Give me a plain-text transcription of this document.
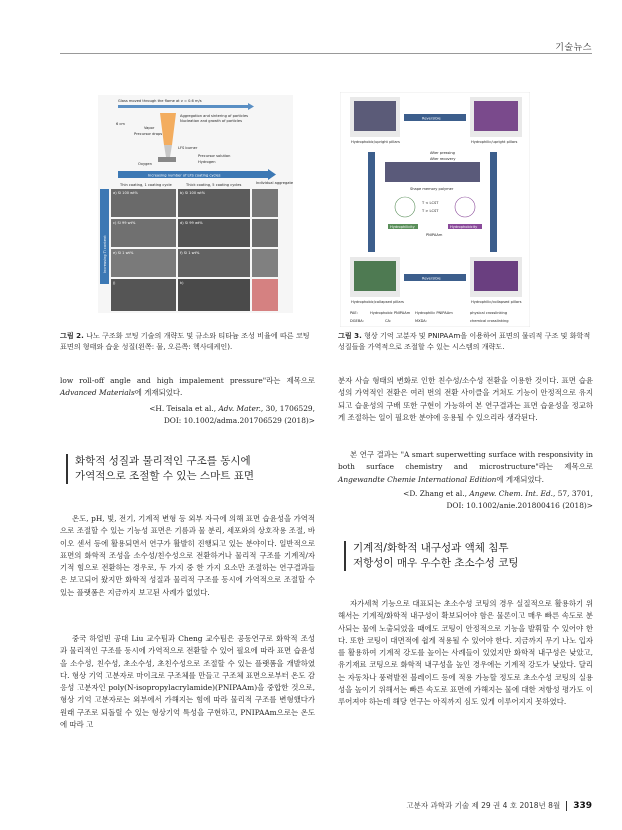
기술뉴스
Glass moved through the flame at v = 0.6 m/s
Aggregation and sintering of particles
Nucleation and growth of particles
Vapor
Precursor drops
6 cm
LFS burner
Precursor solution
Hydrogen
Oxygen
Increasing number of LFS coating cycles
Thin coating, 1 coating cycle	Thick coating, 5 coating cycles	Individual aggregate
Increasing Ti content
a) Si 100 wt%	b) Si 100 wt%
c) Si 99 wt%	d) Si 99 wt%
e) Si 1 wt%	f) Si 1 wt%
j)	k)
Hydrophobic/upright pillars	Hydrophilic/upright pillars
Hydrophobic/collapsed pillars	Hydrophilic/collapsed pillars
Reversible
Reversible
After pressing
After recovery
Shape memory polymer
T < LCST
T > LCST
Hydrophilicity	Hydrophobicity
PNIPAAm
PAE:	Hydrophobic PNIPAAm Hydrophilic PNIPAAm	physical crosslinking
DGEBA:	CA:	MXDA:	chemical crosslinking
그림 2. 나노 구조화 코팅 기술의 개략도 및 규소와 티타늄 조성 비율에 따른 코팅 표면의 형태와 습윤 성질(왼쪽: 물, 오른쪽: 헥사데케인).
그림 3. 형상 기억 고분자 및 PNIPAAm을 이용하여 표면의 물리적 구조 및 화학적 성질들을 가역적으로 조절할 수 있는 시스템의 개략도.
low roll-off angle and high impalement pressure"라는 제목으로 Advanced Materials에 게재되었다.
<H. Teisala et al., Adv. Mater., 30, 1706529,
DOI: 10.1002/adma.201706529 (2018)>
화학적 성질과 물리적인 구조를 동시에
가역적으로 조절할 수 있는 스마트 표면
온도, pH, 빛, 전기, 기계적 변형 등 외부 자극에 의해 표면 습윤성을 가역적으로 조절할 수 있는 기능성 표면은 기름과 물 분리, 세포와의 상호작용 조절, 바이오 센서 등에 활용되면서 연구가 활발히 진행되고 있는 분야이다. 일반적으로 표면의 화학적 조성을 소수성/친수성으로 전환하거나 물리적 구조를 기계적/자기적 힘으로 전환하는 경우로, 두 가지 중 한 가지 요소만 조절하는 연구결과들은 보고되어 왔지만 화학적 성질과 물리적 구조를 동시에 가역적으로 조절할 수 있는 플랫폼은 지금까지 보고된 사례가 없었다.
중국 하얼빈 공대 Liu 교수팀과 Cheng 교수팀은 공동연구로 화학적 조성과 물리적인 구조를 동시에 가역적으로 전환할 수 있어 필요에 따라 표면 습윤성을 소수성, 친수성, 초소수성, 초친수성으로 조절할 수 있는 플랫폼을 개발하였다. 형상 기억 고분자로 마이크로 구조체를 만들고 구조체 표면으로부터 온도 감응성 고분자인 poly(N-isopropylacrylamide)(PNIPAAm)을 중합한 것으로, 형상 기억 고분자로는 외부에서 가해지는 힘에 따라 물리적 구조를 변형했다가 원래 구조로 되돌릴 수 있는 형상기억 특성을 구현하고, PNIPAAm으로는 온도에 따라 고
분자 사슬 형태의 변화로 인한 친수성/소수성 전환을 이용한 것이다. 표면 습윤성의 가역적인 전환은 여러 번의 전환 사이클을 거쳐도 기능이 안정적으로 유지되고 습윤성의 구배 또한 구현이 가능하여 본 연구결과는 표면 습윤성을 정교하게 조절하는 일이 필요한 분야에 응용될 수 있으리라 생각된다.
본 연구 결과는 "A smart superwetting surface with responsivity in both surface chemistry and microstructure"라는 제목으로 Angewandte Chemie International Edition에 게재되었다.
<D. Zhang et al., Angew. Chem. Int. Ed., 57, 3701,
DOI: 10.1002/anie.201800416 (2018)>
기계적/화학적 내구성과 액체 침투
저항성이 매우 우수한 초소수성 코팅
자가세척 기능으로 대표되는 초소수성 코팅의 경우 실질적으로 활용하기 위해서는 기계적/화학적 내구성이 확보되어야 함은 물론이고 매우 빠른 속도로 분사되는 물에 노출되었을 때에도 코팅이 안정적으로 기능을 발휘할 수 있어야 한다. 또한 코팅이 대면적에 쉽게 적용될 수 있어야 한다. 지금까지 무기 나노 입자를 활용하여 기계적 강도를 높이는 사례들이 있었지만 화학적 내구성은 낮았고, 유기재료 코팅으로 화학적 내구성을 높인 경우에는 기계적 강도가 낮았다. 달리는 자동차나 풍력발전 블레이드 등에 적용 가능할 정도로 초소수성 코팅의 실용성을 높이기 위해서는 빠른 속도로 표면에 가해지는 물에 대한 저항성 평가도 이루어져야 하는데 해당 연구는 아직까지 심도 있게 이루어지지 못하였다.
고분자 과학과 기술 제 29 권 4 호 2018년 8월	339
